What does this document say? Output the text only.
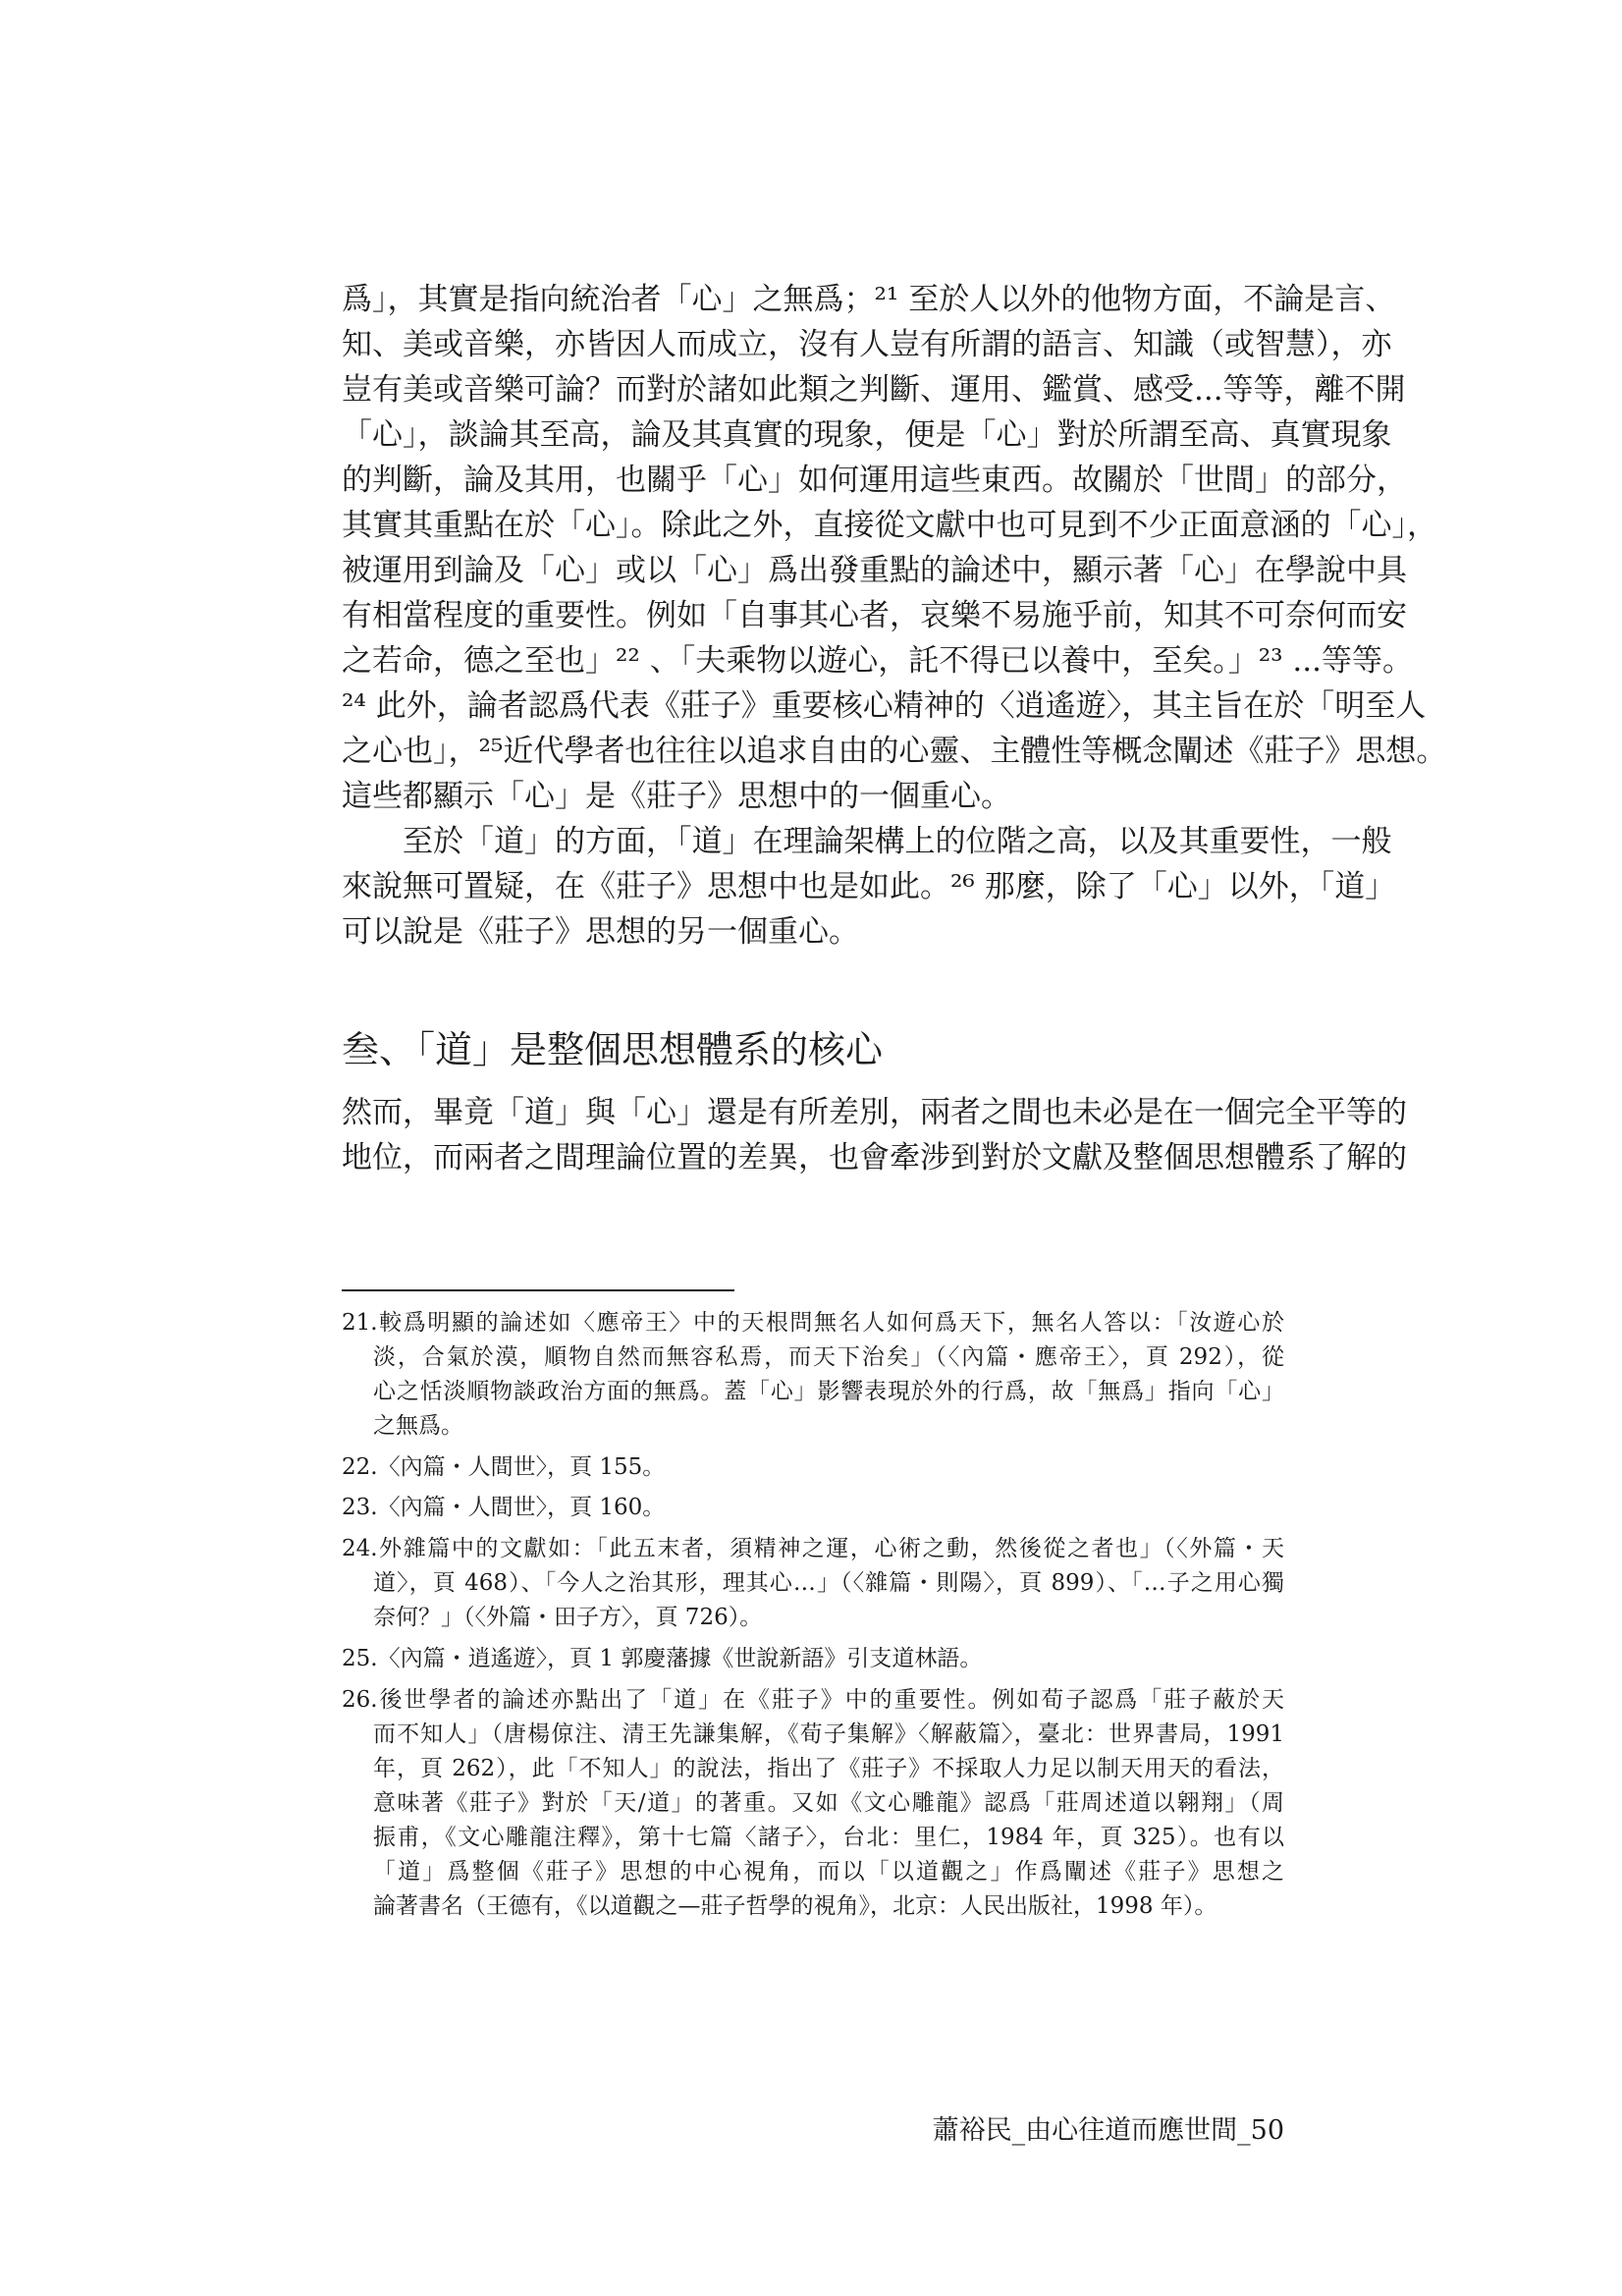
爲」，其實是指向統治者「心」之無爲；²¹ 至於人以外的他物方面，不論是言、
知、美或音樂，亦皆因人而成立，沒有人豈有所謂的語言、知識（或智慧），亦
豈有美或音樂可論？而對於諸如此類之判斷、運用、鑑賞、感受...等等，離不開
「心」，談論其至高，論及其真實的現象，便是「心」對於所謂至高、真實現象
的判斷，論及其用，也關乎「心」如何運用這些東西。故關於「世間」的部分，
其實其重點在於「心」。除此之外，直接從文獻中也可見到不少正面意涵的「心」，
被運用到論及「心」或以「心」爲出發重點的論述中，顯示著「心」在學說中具
有相當程度的重要性。例如「自事其心者，哀樂不易施乎前，知其不可奈何而安
之若命，德之至也」²² 、「夫乘物以遊心，託不得已以養中，至矣。」²³ ...等等。
²⁴ 此外，論者認爲代表《莊子》重要核心精神的〈逍遙遊〉，其主旨在於「明至人
之心也」，²⁵近代學者也往往以追求自由的心靈、主體性等概念闡述《莊子》思想。
這些都顯示「心」是《莊子》思想中的一個重心。
　　至於「道」的方面，「道」在理論架構上的位階之高，以及其重要性，一般
來說無可置疑，在《莊子》思想中也是如此。²⁶ 那麼，除了「心」以外，「道」
可以說是《莊子》思想的另一個重心。
叁、「道」是整個思想體系的核心
然而，畢竟「道」與「心」還是有所差別，兩者之間也未必是在一個完全平等的
地位，而兩者之間理論位置的差異，也會牽涉到對於文獻及整個思想體系了解的
21.較爲明顯的論述如〈應帝王〉中的天根問無名人如何爲天下，無名人答以：「汝遊心於
淡，合氣於漠，順物自然而無容私焉，而天下治矣」（〈內篇・應帝王〉，頁 292），從
心之恬淡順物談政治方面的無爲。蓋「心」影響表現於外的行爲，故「無爲」指向「心」
之無爲。
22.〈內篇・人間世〉，頁 155。
23.〈內篇・人間世〉，頁 160。
24.外雜篇中的文獻如：「此五末者，須精神之運，心術之動，然後從之者也」（〈外篇・天
道〉，頁 468）、「今人之治其形，理其心…」（〈雜篇・則陽〉，頁 899）、「…子之用心獨
奈何？」（〈外篇・田子方〉，頁 726）。
25.〈內篇・逍遙遊〉，頁 1 郭慶藩據《世說新語》引支道林語。
26.後世學者的論述亦點出了「道」在《莊子》中的重要性。例如荀子認爲「莊子蔽於天
而不知人」（唐楊倞注、清王先謙集解，《荀子集解》〈解蔽篇〉，臺北：世界書局，1991
年，頁 262），此「不知人」的說法，指出了《莊子》不採取人力足以制天用天的看法，
意味著《莊子》對於「天/道」的著重。又如《文心雕龍》認爲「莊周述道以翱翔」（周
振甫，《文心雕龍注釋》，第十七篇〈諸子〉，台北：里仁，1984 年，頁 325）。也有以
「道」爲整個《莊子》思想的中心視角，而以「以道觀之」作爲闡述《莊子》思想之
論著書名（王德有，《以道觀之—莊子哲學的視角》，北京：人民出版社，1998 年）。
蕭裕民_由心往道而應世間_50
